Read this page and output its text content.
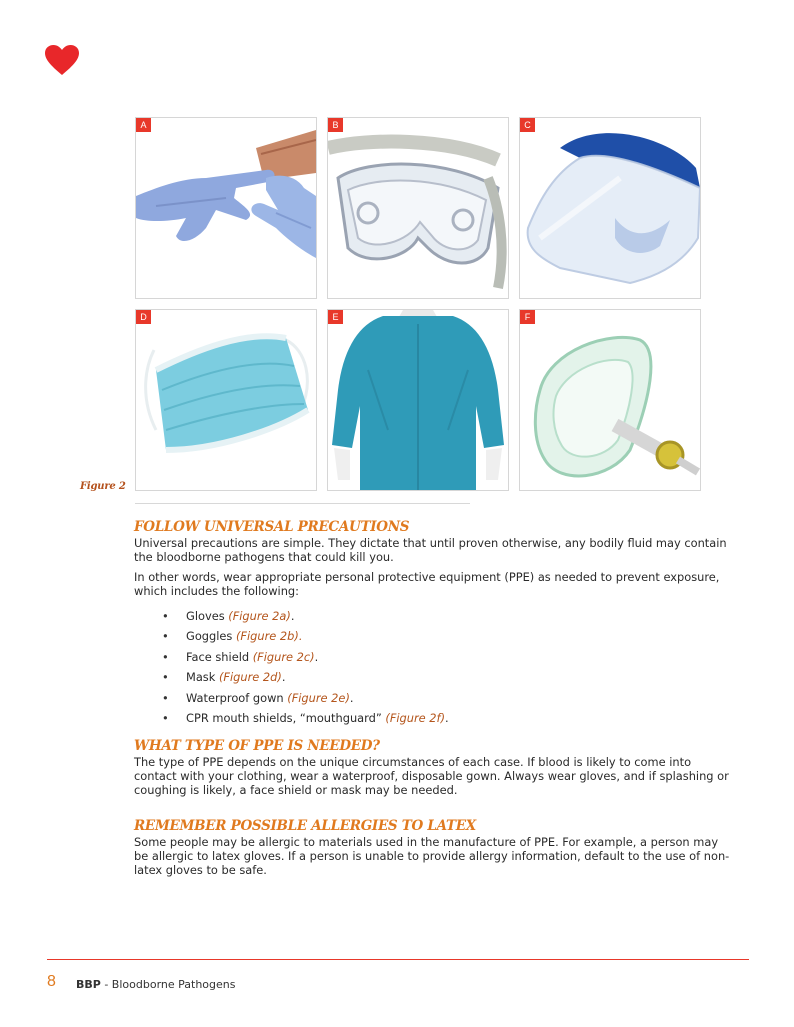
A	B	C
D	E	F
Figure 2
FOLLOW UNIVERSAL PRECAUTIONS

Universal precautions are simple. They dictate that until proven otherwise, any bodily fluid may contain the bloodborne pathogens that could kill you.

In other words, wear appropriate personal protective equipment (PPE) as needed to prevent exposure, which includes the following:

• Gloves (Figure 2a).
• Goggles (Figure 2b).
• Face shield (Figure 2c).
• Mask (Figure 2d).
• Waterproof gown (Figure 2e).
• CPR mouth shields, “mouthguard” (Figure 2f).
WHAT TYPE OF PPE IS NEEDED?

The type of PPE depends on the unique circumstances of each case. If blood is likely to come into contact with your clothing, wear a waterproof, disposable gown. Always wear gloves, and if splashing or coughing is likely, a face shield or mask may be needed.

REMEMBER POSSIBLE ALLERGIES TO LATEX

Some people may be allergic to materials used in the manufacture of PPE. For example, a person may be allergic to latex gloves. If a person is unable to provide allergy information, default to the use of non-latex gloves to be safe.

8 BBP - Bloodborne Pathogens
